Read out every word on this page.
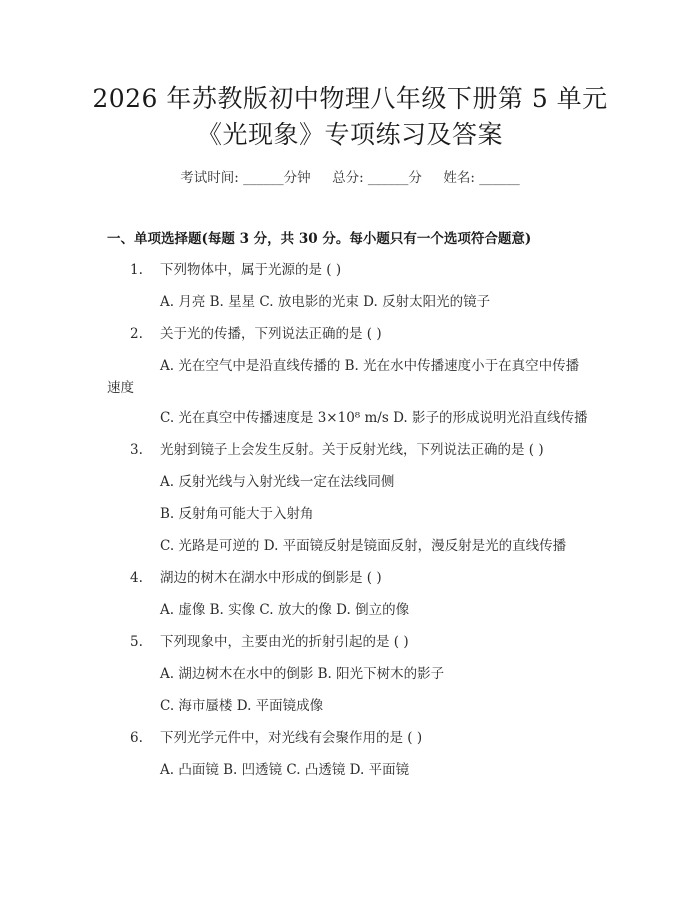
2026 年苏教版初中物理八年级下册第 5 单元
《光现象》专项练习及答案
考试时间: ______分钟     总分: ______分     姓名: ______
一、单项选择题(每题 3 分，共 30 分。每小题只有一个选项符合题意)
1. 下列物体中，属于光源的是 ( )
A. 月亮 B. 星星 C. 放电影的光束 D. 反射太阳光的镜子
2. 关于光的传播，下列说法正确的是 ( )
A. 光在空气中是沿直线传播的 B. 光在水中传播速度小于在真空中传播
速度
C. 光在真空中传播速度是 3×10⁸ m/s D. 影子的形成说明光沿直线传播
3. 光射到镜子上会发生反射。关于反射光线，下列说法正确的是 ( )
A. 反射光线与入射光线一定在法线同侧
B. 反射角可能大于入射角
C. 光路是可逆的 D. 平面镜反射是镜面反射，漫反射是光的直线传播
4. 湖边的树木在湖水中形成的倒影是 ( )
A. 虚像 B. 实像 C. 放大的像 D. 倒立的像
5. 下列现象中，主要由光的折射引起的是 ( )
A. 湖边树木在水中的倒影 B. 阳光下树木的影子
C. 海市蜃楼 D. 平面镜成像
6. 下列光学元件中，对光线有会聚作用的是 ( )
A. 凸面镜 B. 凹透镜 C. 凸透镜 D. 平面镜
